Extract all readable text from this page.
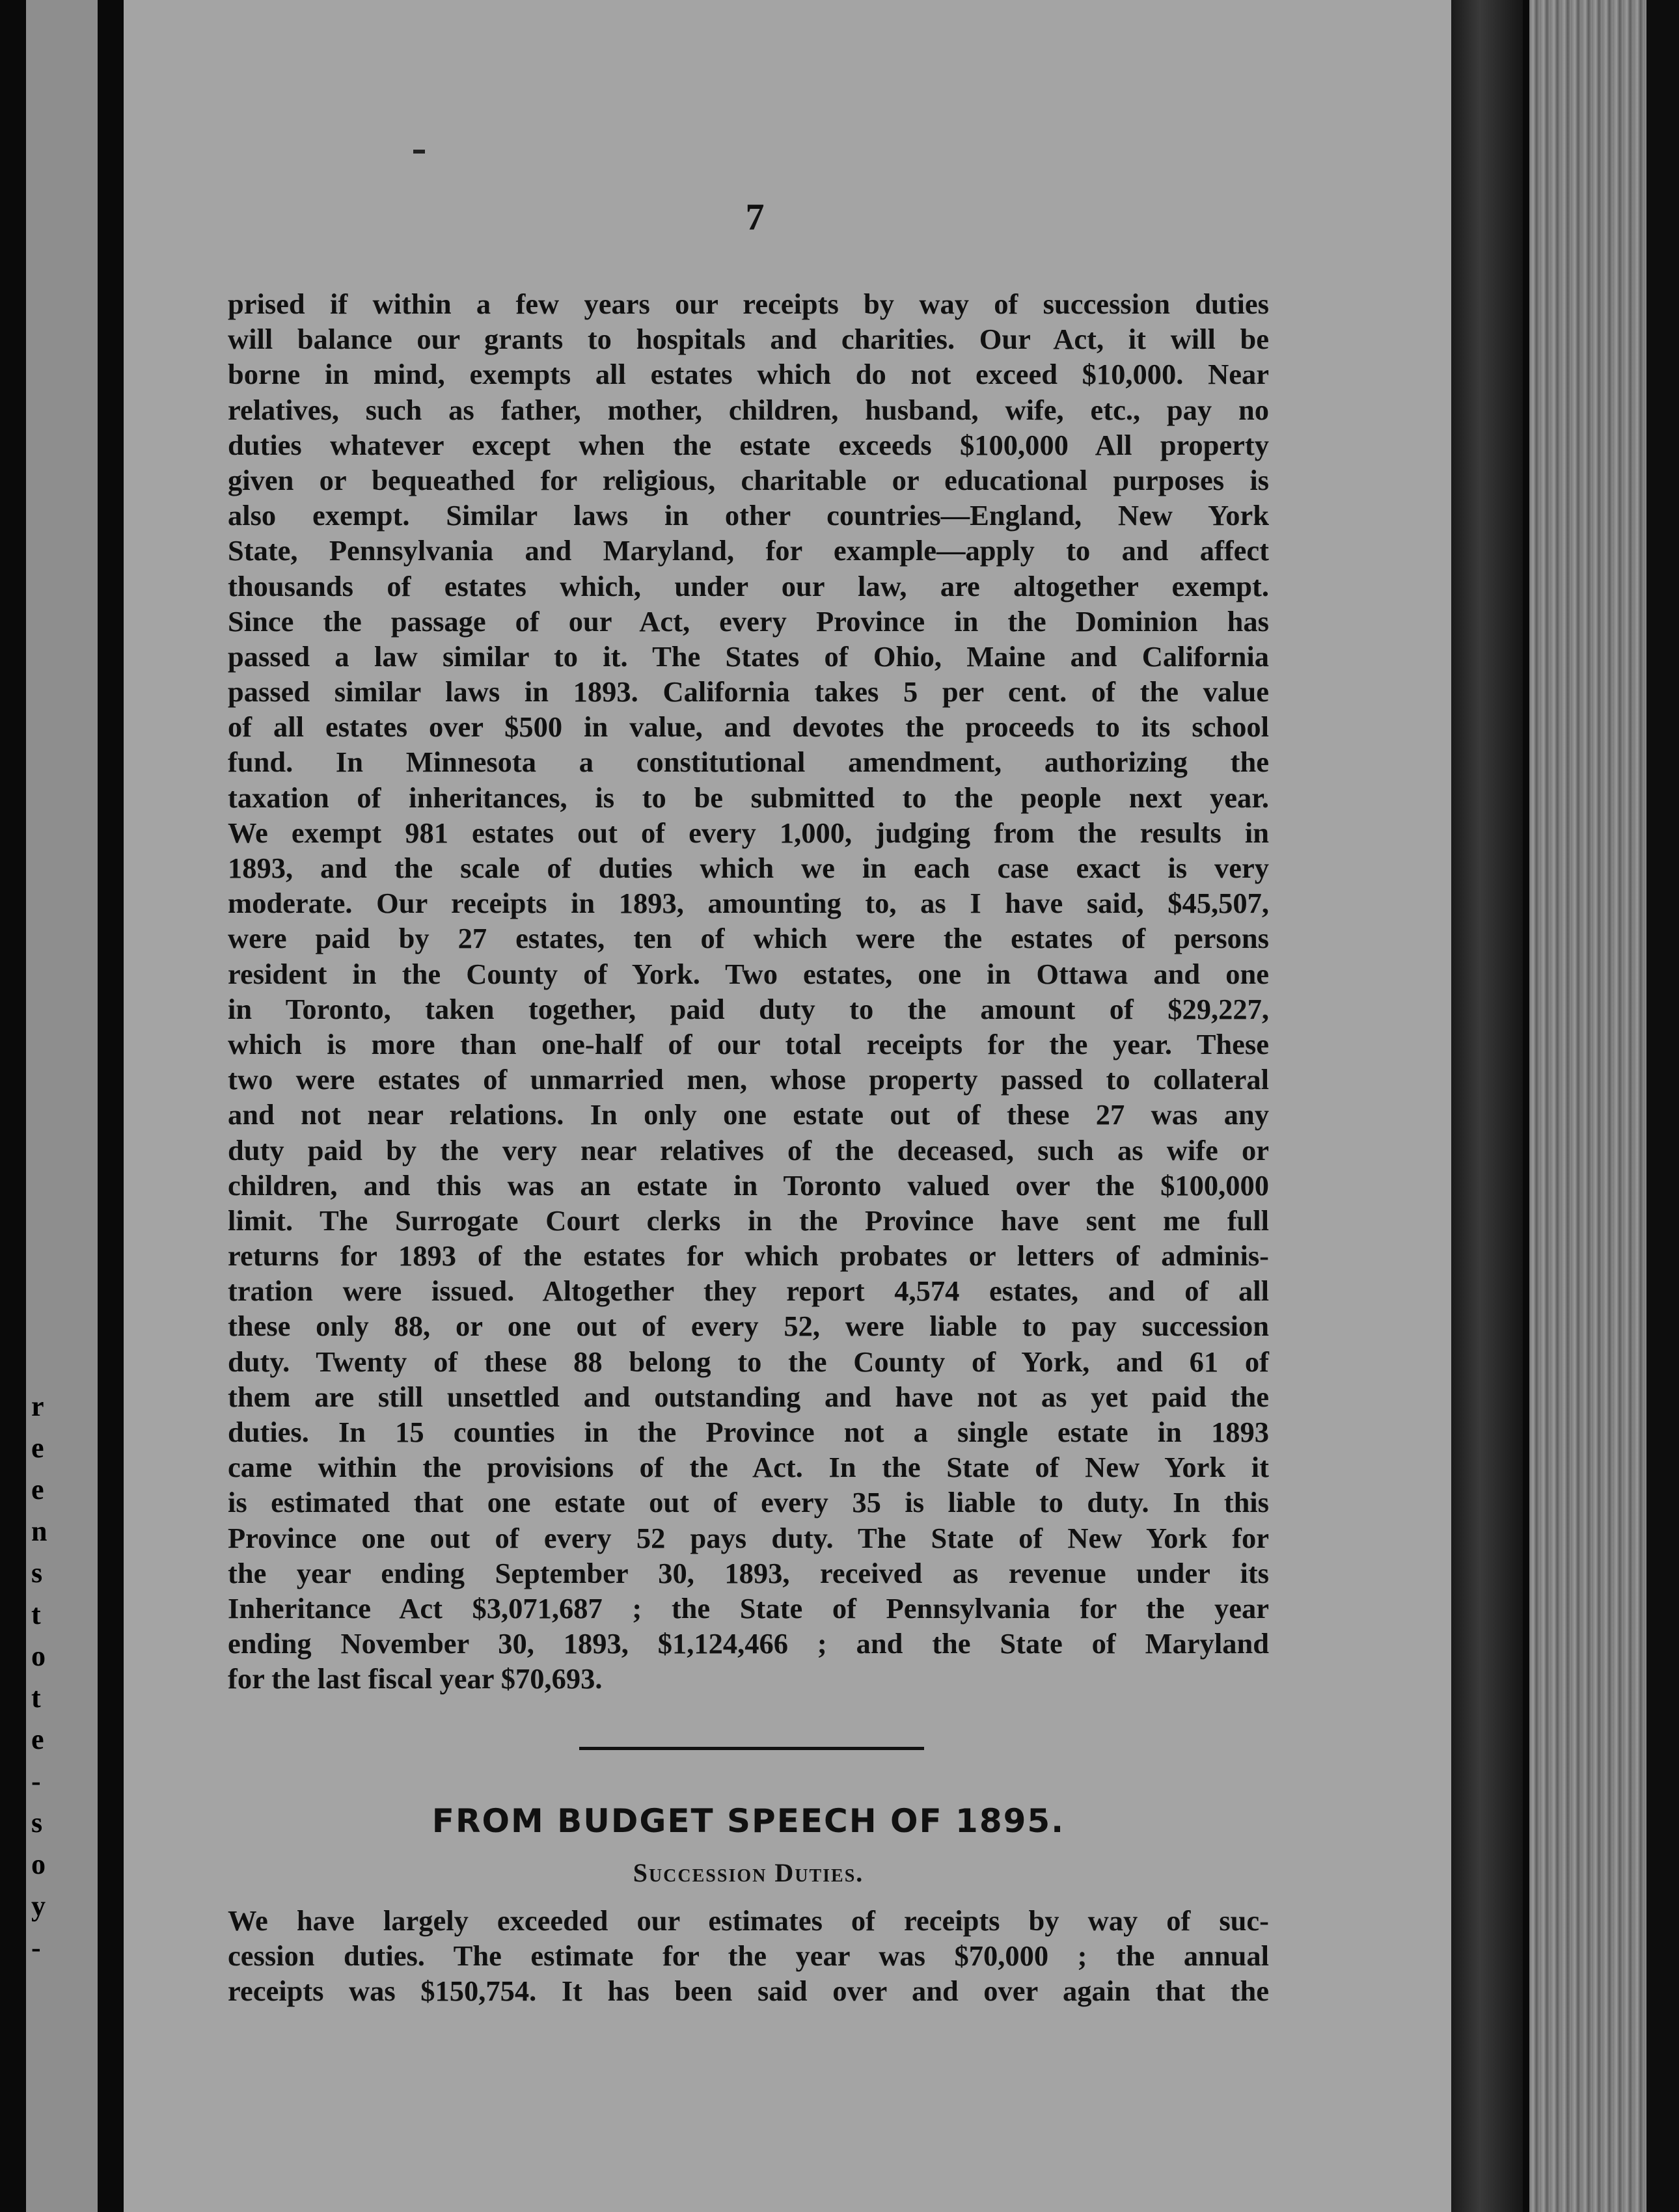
r
e
e
n
s
t
o
t
e
-
s
o
y
-
7
prised if within a few years our receipts by way of succession duties
will balance our grants to hospitals and charities. Our Act, it will be
borne in mind, exempts all estates which do not exceed $10,000. Near
relatives, such as father, mother, children, husband, wife, etc., pay no
duties whatever except when the estate exceeds $100,000 All property
given or bequeathed for religious, charitable or educational purposes is
also exempt. Similar laws in other countries—England, New York
State, Pennsylvania and Maryland, for example—apply to and affect
thousands of estates which, under our law, are altogether exempt.
Since the passage of our Act, every Province in the Dominion has
passed a law similar to it. The States of Ohio, Maine and California
passed similar laws in 1893. California takes 5 per cent. of the value
of all estates over $500 in value, and devotes the proceeds to its school
fund. In Minnesota a constitutional amendment, authorizing the
taxation of inheritances, is to be submitted to the people next year.
We exempt 981 estates out of every 1,000, judging from the results in
1893, and the scale of duties which we in each case exact is very
moderate. Our receipts in 1893, amounting to, as I have said, $45,507,
were paid by 27 estates, ten of which were the estates of persons
resident in the County of York. Two estates, one in Ottawa and one
in Toronto, taken together, paid duty to the amount of $29,227,
which is more than one-half of our total receipts for the year. These
two were estates of unmarried men, whose property passed to collateral
and not near relations. In only one estate out of these 27 was any
duty paid by the very near relatives of the deceased, such as wife or
children, and this was an estate in Toronto valued over the $100,000
limit. The Surrogate Court clerks in the Province have sent me full
returns for 1893 of the estates for which probates or letters of adminis-
tration were issued. Altogether they report 4,574 estates, and of all
these only 88, or one out of every 52, were liable to pay succession
duty. Twenty of these 88 belong to the County of York, and 61 of
them are still unsettled and outstanding and have not as yet paid the
duties. In 15 counties in the Province not a single estate in 1893
came within the provisions of the Act. In the State of New York it
is estimated that one estate out of every 35 is liable to duty. In this
Province one out of every 52 pays duty. The State of New York for
the year ending September 30, 1893, received as revenue under its
Inheritance Act $3,071,687 ; the State of Pennsylvania for the year
ending November 30, 1893, $1,124,466 ; and the State of Maryland
for the last fiscal year $70,693.
FROM BUDGET SPEECH OF 1895.
Succession Duties.
We have largely exceeded our estimates of receipts by way of suc-
cession duties. The estimate for the year was $70,000 ; the annual
receipts was $150,754. It has been said over and over again that the
